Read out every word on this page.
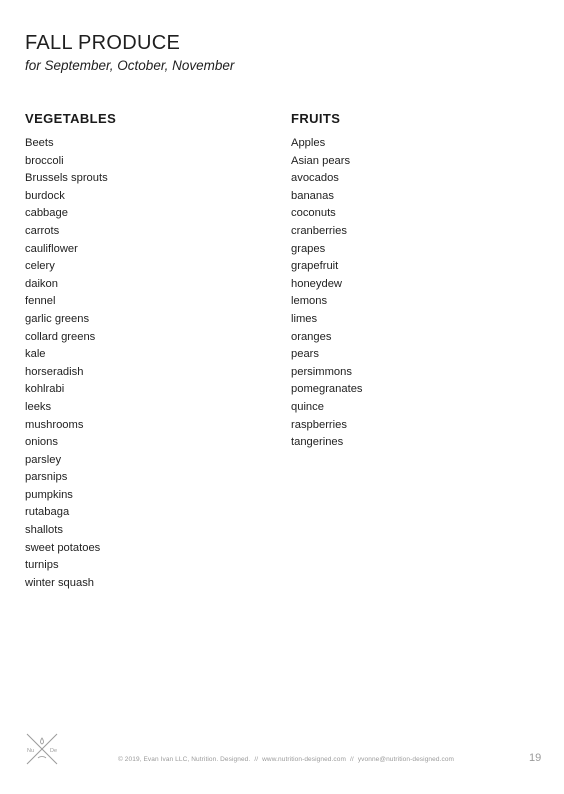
FALL PRODUCE
for September, October, November
VEGETABLES
Beets
broccoli
Brussels sprouts
burdock
cabbage
carrots
cauliflower
celery
daikon
fennel
garlic greens
collard greens
kale
horseradish
kohlrabi
leeks
mushrooms
onions
parsley
parsnips
pumpkins
rutabaga
shallots
sweet potatoes
turnips
winter squash
FRUITS
Apples
Asian pears
avocados
bananas
coconuts
cranberries
grapes
grapefruit
honeydew
lemons
limes
oranges
pears
persimmons
pomegranates
quince
raspberries
tangerines
Nu	De
© 2019, Evan Ivan LLC, Nutrition. Designed. // www.nutrition-designed.com // yvonne@nutrition-designed.com	19
